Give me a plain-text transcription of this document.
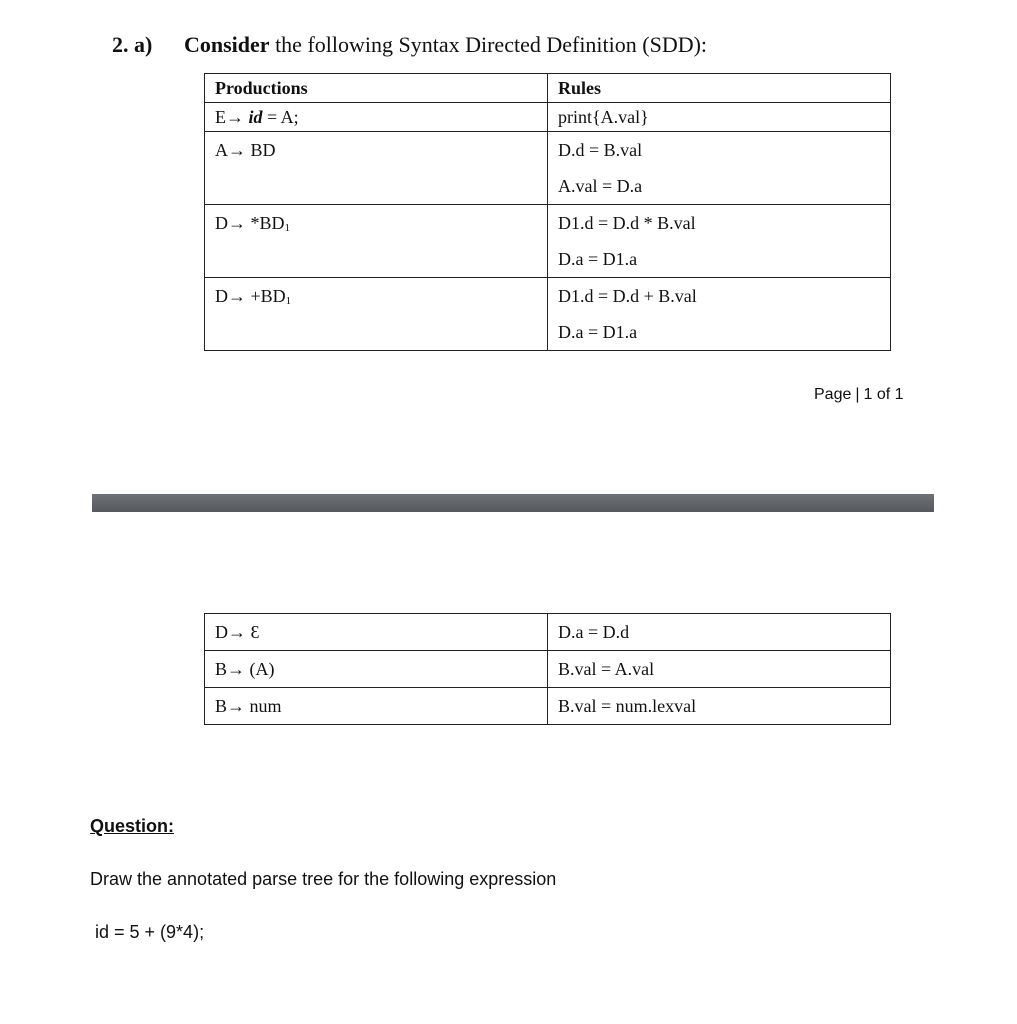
2. a) Consider the following Syntax Directed Definition (SDD):
Productions	Rules
E→ id = A;	print{A.val}

A→ BD	D.d = B.val
A.val = D.a

D→ *BD1	D1.d = D.d * B.val
D.a = D1.a

D→ +BD1	D1.d = D.d + B.val
D.a = D1.a
Page | 1 of 1
D→ Ɛ	D.a = D.d
B→ (A)	B.val = A.val
B→ num	B.val = num.lexval
Question:
Draw the annotated parse tree for the following expression
id = 5 + (9*4);
